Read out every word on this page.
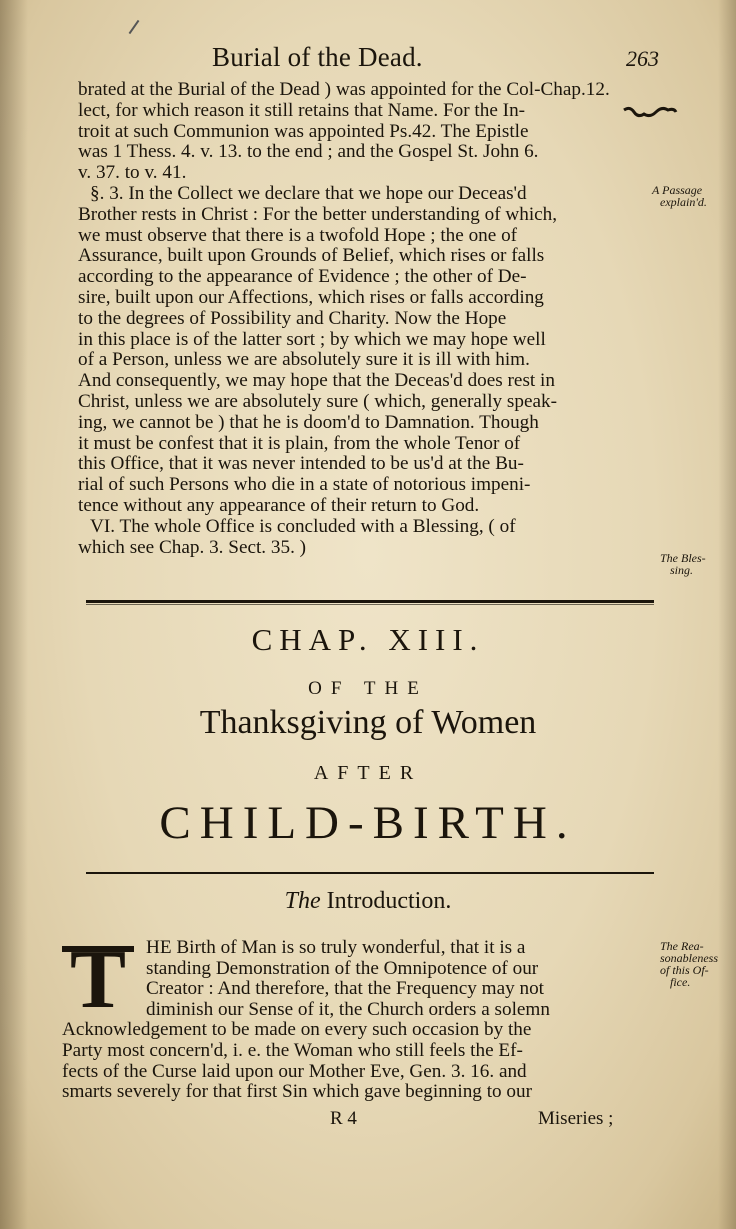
Burial of the Dead.	263
brated at the Burial of the Dead ) was appointed for the Col-Chap.12.
lect, for which reason it still retains that Name. For the In-
troit at such Communion was appointed Ps.42. The Epistle
was 1 Thess. 4. v. 13. to the end ; and the Gospel St. John 6.
v. 37. to v. 41.
§. 3. In the Collect we declare that we hope our Deceas'd
Brother rests in Christ : For the better understanding of which,
we must observe that there is a twofold Hope ; the one of
Assurance, built upon Grounds of Belief, which rises or falls
according to the appearance of Evidence ; the other of De-
sire, built upon our Affections, which rises or falls according
to the degrees of Possibility and Charity. Now the Hope
in this place is of the latter sort ; by which we may hope well
of a Person, unless we are absolutely sure it is ill with him.
And consequently, we may hope that the Deceas'd does rest in
Christ, unless we are absolutely sure ( which, generally speak-
ing, we cannot be ) that he is doom'd to Damnation. Though
it must be confest that it is plain, from the whole Tenor of
this Office, that it was never intended to be us'd at the Bu-
rial of such Persons who die in a state of notorious impeni-
tence without any appearance of their return to God.
VI. The whole Office is concluded with a Blessing, ( of
which see Chap. 3. Sect. 35. )
A Passage
explain'd.
The Bles-
sing.
CHAP. XIII.
OF THE
Thanksgiving of Women
AFTER
CHILD-BIRTH.
The Introduction.
T	HE Birth of Man is so truly wonderful, that it is a
standing Demonstration of the Omnipotence of our
Creator : And therefore, that the Frequency may not
diminish our Sense of it, the Church orders a solemn
Acknowledgement to be made on every such occasion by the
Party most concern'd, i. e. the Woman who still feels the Ef-
fects of the Curse laid upon our Mother Eve, Gen. 3. 16. and
smarts severely for that first Sin which gave beginning to our
The Rea-
sonableness
of this Of-
fice.
R 4	Miseries ;
